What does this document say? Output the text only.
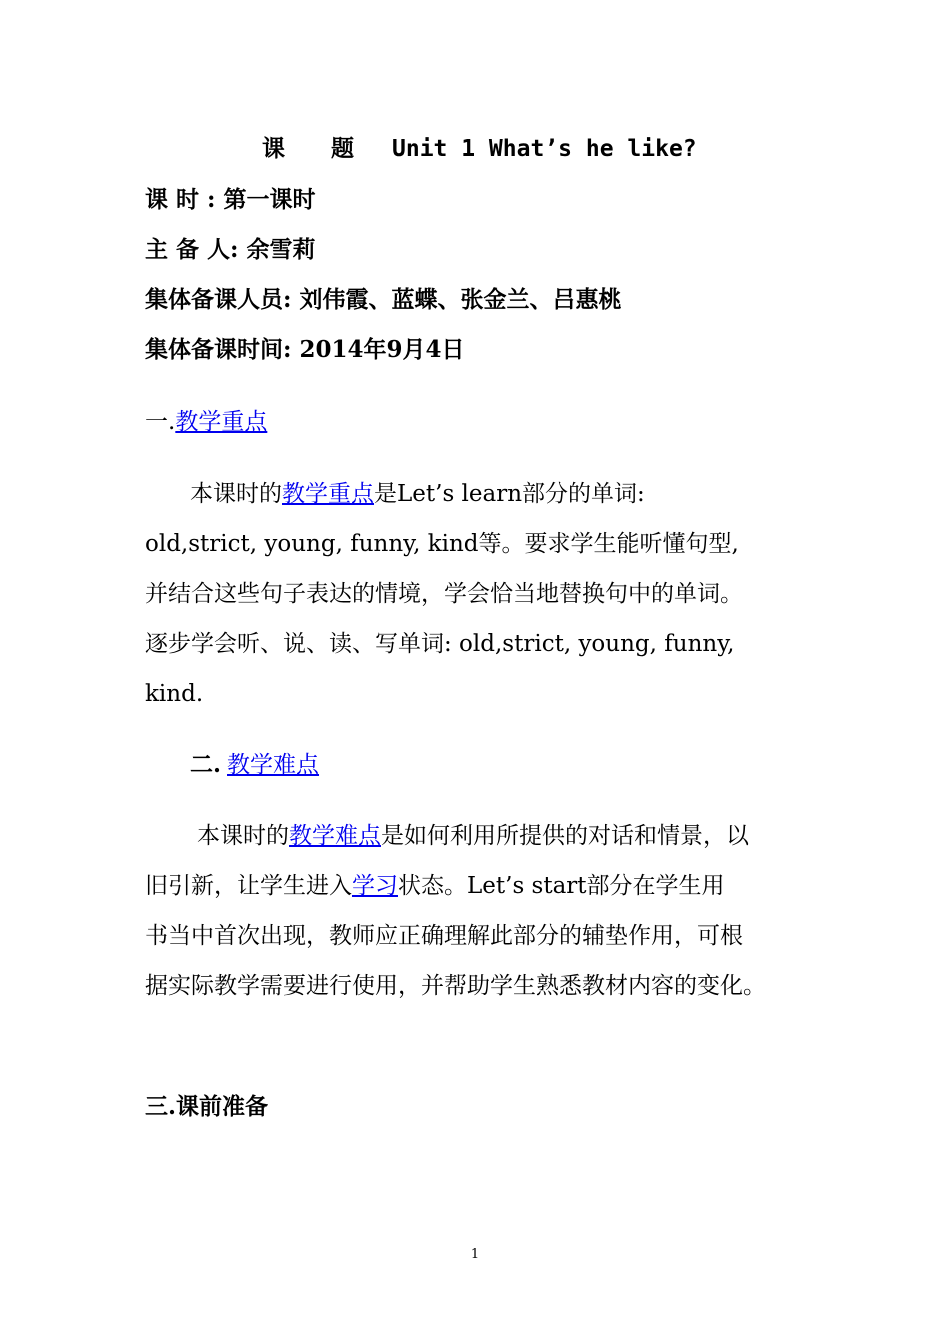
课　　题 Unit 1 What’s he like?
课 时 : 第一课时
主 备 人: 余雪莉
集体备课人员: 刘伟霞、蓝蝶、张金兰、吕惠桃
集体备课时间: 2014年9月4日
一.教学重点
本课时的教学重点是Let’s learn部分的单词:
old,strict, young, funny, kind等。要求学生能听懂句型,
并结合这些句子表达的情境，学会恰当地替换句中的单词。
逐步学会听、说、读、写单词: old,strict, young, funny,
kind.
二. 教学难点
本课时的教学难点是如何利用所提供的对话和情景，以
旧引新，让学生进入学习状态。Let’s start部分在学生用
书当中首次出现，教师应正确理解此部分的辅垫作用，可根
据实际教学需要进行使用，并帮助学生熟悉教材内容的变化。
三.课前准备
1
